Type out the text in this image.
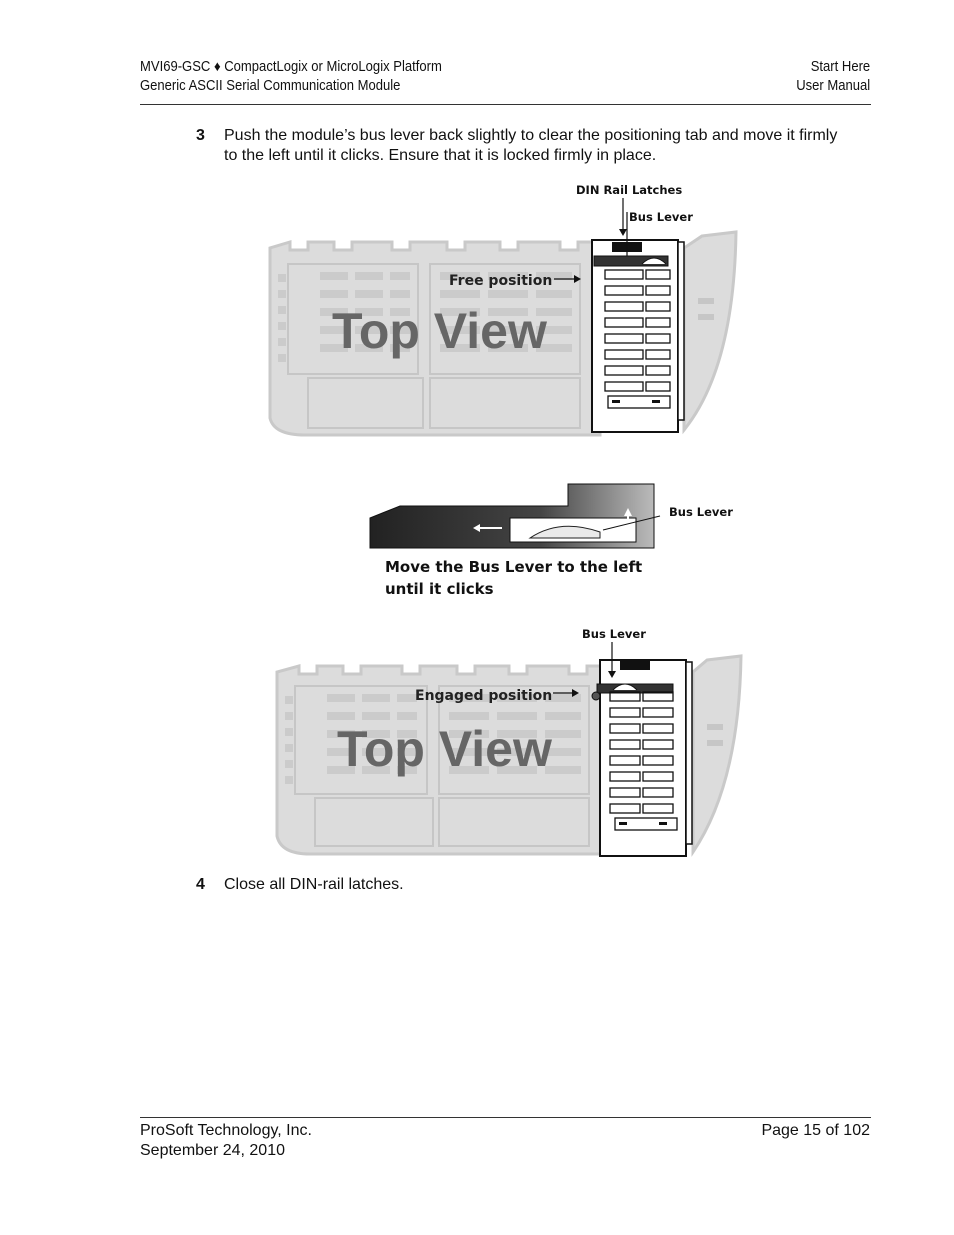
MVI69-GSC ♦ CompactLogix or MicroLogix Platform
Generic ASCII Serial Communication Module
Start Here
User Manual
3 Push the module’s bus lever back slightly to clear the positioning tab and move it firmly to the left until it clicks. Ensure that it is locked firmly in place.
Top View
DIN Rail Latches
Bus Lever
Free position
Bus Lever
Move the Bus Lever to the left
until it clicks
Top View
Bus Lever
Engaged position
4 Close all DIN-rail latches.
ProSoft Technology, Inc.
September 24, 2010
Page 15 of 102
